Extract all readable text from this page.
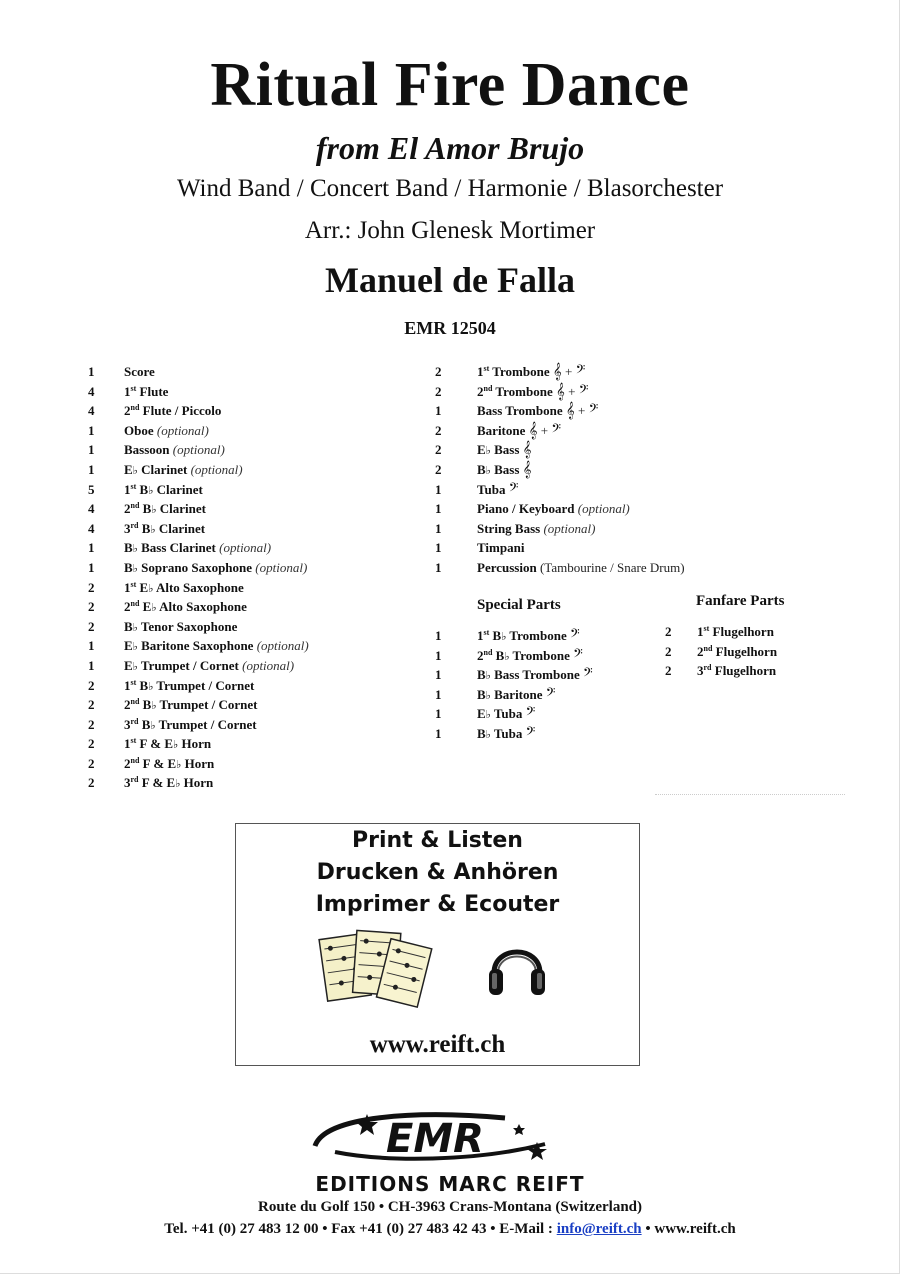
Ritual Fire Dance
from El Amor Brujo
Wind Band / Concert Band / Harmonie / Blasorchester
Arr.: John Glenesk Mortimer
Manuel de Falla
EMR 12504
1 Score
4 1st Flute
4 2nd Flute / Piccolo
1 Oboe (optional)
1 Bassoon (optional)
1 E♭ Clarinet (optional)
5 1st B♭ Clarinet
4 2nd B♭ Clarinet
4 3rd B♭ Clarinet
1 B♭ Bass Clarinet (optional)
1 B♭ Soprano Saxophone (optional)
2 1st E♭ Alto Saxophone
2 2nd E♭ Alto Saxophone
2 B♭ Tenor Saxophone
1 E♭ Baritone Saxophone (optional)
1 E♭ Trumpet / Cornet (optional)
2 1st B♭ Trumpet / Cornet
2 2nd B♭ Trumpet / Cornet
2 3rd B♭ Trumpet / Cornet
2 1st F & E♭ Horn
2 2nd F & E♭ Horn
2 3rd F & E♭ Horn
2	1st Trombone 𝄞 + 𝄢
2	2nd Trombone 𝄞 + 𝄢
1	Bass Trombone 𝄞 + 𝄢
2	Baritone 𝄞 + 𝄢
2	E♭ Bass 𝄞
2	B♭ Bass 𝄞
1	Tuba 𝄢
1	Piano / Keyboard (optional)
1	String Bass (optional)
1	Timpani
1	Percussion (Tambourine / Snare Drum)
Special Parts
1	1st B♭ Trombone 𝄢
1	2nd B♭ Trombone 𝄢
1	B♭ Bass Trombone 𝄢
1	B♭ Baritone 𝄢
1	E♭ Tuba 𝄢
1	B♭ Tuba 𝄢
Fanfare Parts
2 1st Flugelhorn
2 2nd Flugelhorn
2 3rd Flugelhorn
Print & Listen
Drucken & Anhören
Imprimer & Ecouter
www.reift.ch
EMR
EDITIONS MARC REIFT
Route du Golf 150 • CH-3963 Crans-Montana (Switzerland)
Tel. +41 (0) 27 483 12 00 • Fax +41 (0) 27 483 42 43 • E-Mail : info@reift.ch • www.reift.ch
